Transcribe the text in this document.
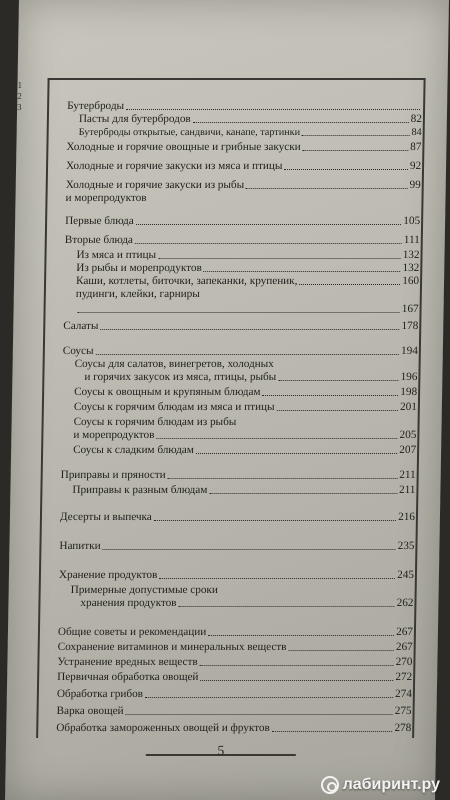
1
2
3	Бутерброды
Пасты для бутербродов	82
Бутерброды открытые, сандвичи, канапе, тартинки	84
Холодные и горячие овощные и грибные закуски	87
Холодные и горячие закуски из мяса и птицы	92
Холодные и горячие закуски из рыбы	99
и морепродуктов
Первые блюда	105
Вторые блюда	111
Из мяса и птицы	132
Из рыбы и морепродуктов	132
Каши, котлеты, биточки, запеканки, крупеник,	160
пудинги, клейки, гарниры
167
Салаты	178
Соусы	194
Соусы для салатов, винегретов, холодных
и горячих закусок из мяса, птицы, рыбы	196
Соусы к овощным и крупяным блюдам	198
Соусы к горячим блюдам из мяса и птицы	201
Соусы к горячим блюдам из рыбы
и морепродуктов	205
Соусы к сладким блюдам	207
Приправы и пряности	211
Приправы к разным блюдам	211
Десерты и выпечка	216
Напитки	235
Хранение продуктов	245
Примерные допустимые сроки
хранения продуктов	262
Общие советы и рекомендации	267
Сохранение витаминов и минеральных веществ	267
Устранение вредных веществ	270
Первичная обработка овощей	272
Обработка грибов	274
Варка овощей	275
Обработка замороженных овощей и фруктов	278
5
лабиринт.ру
